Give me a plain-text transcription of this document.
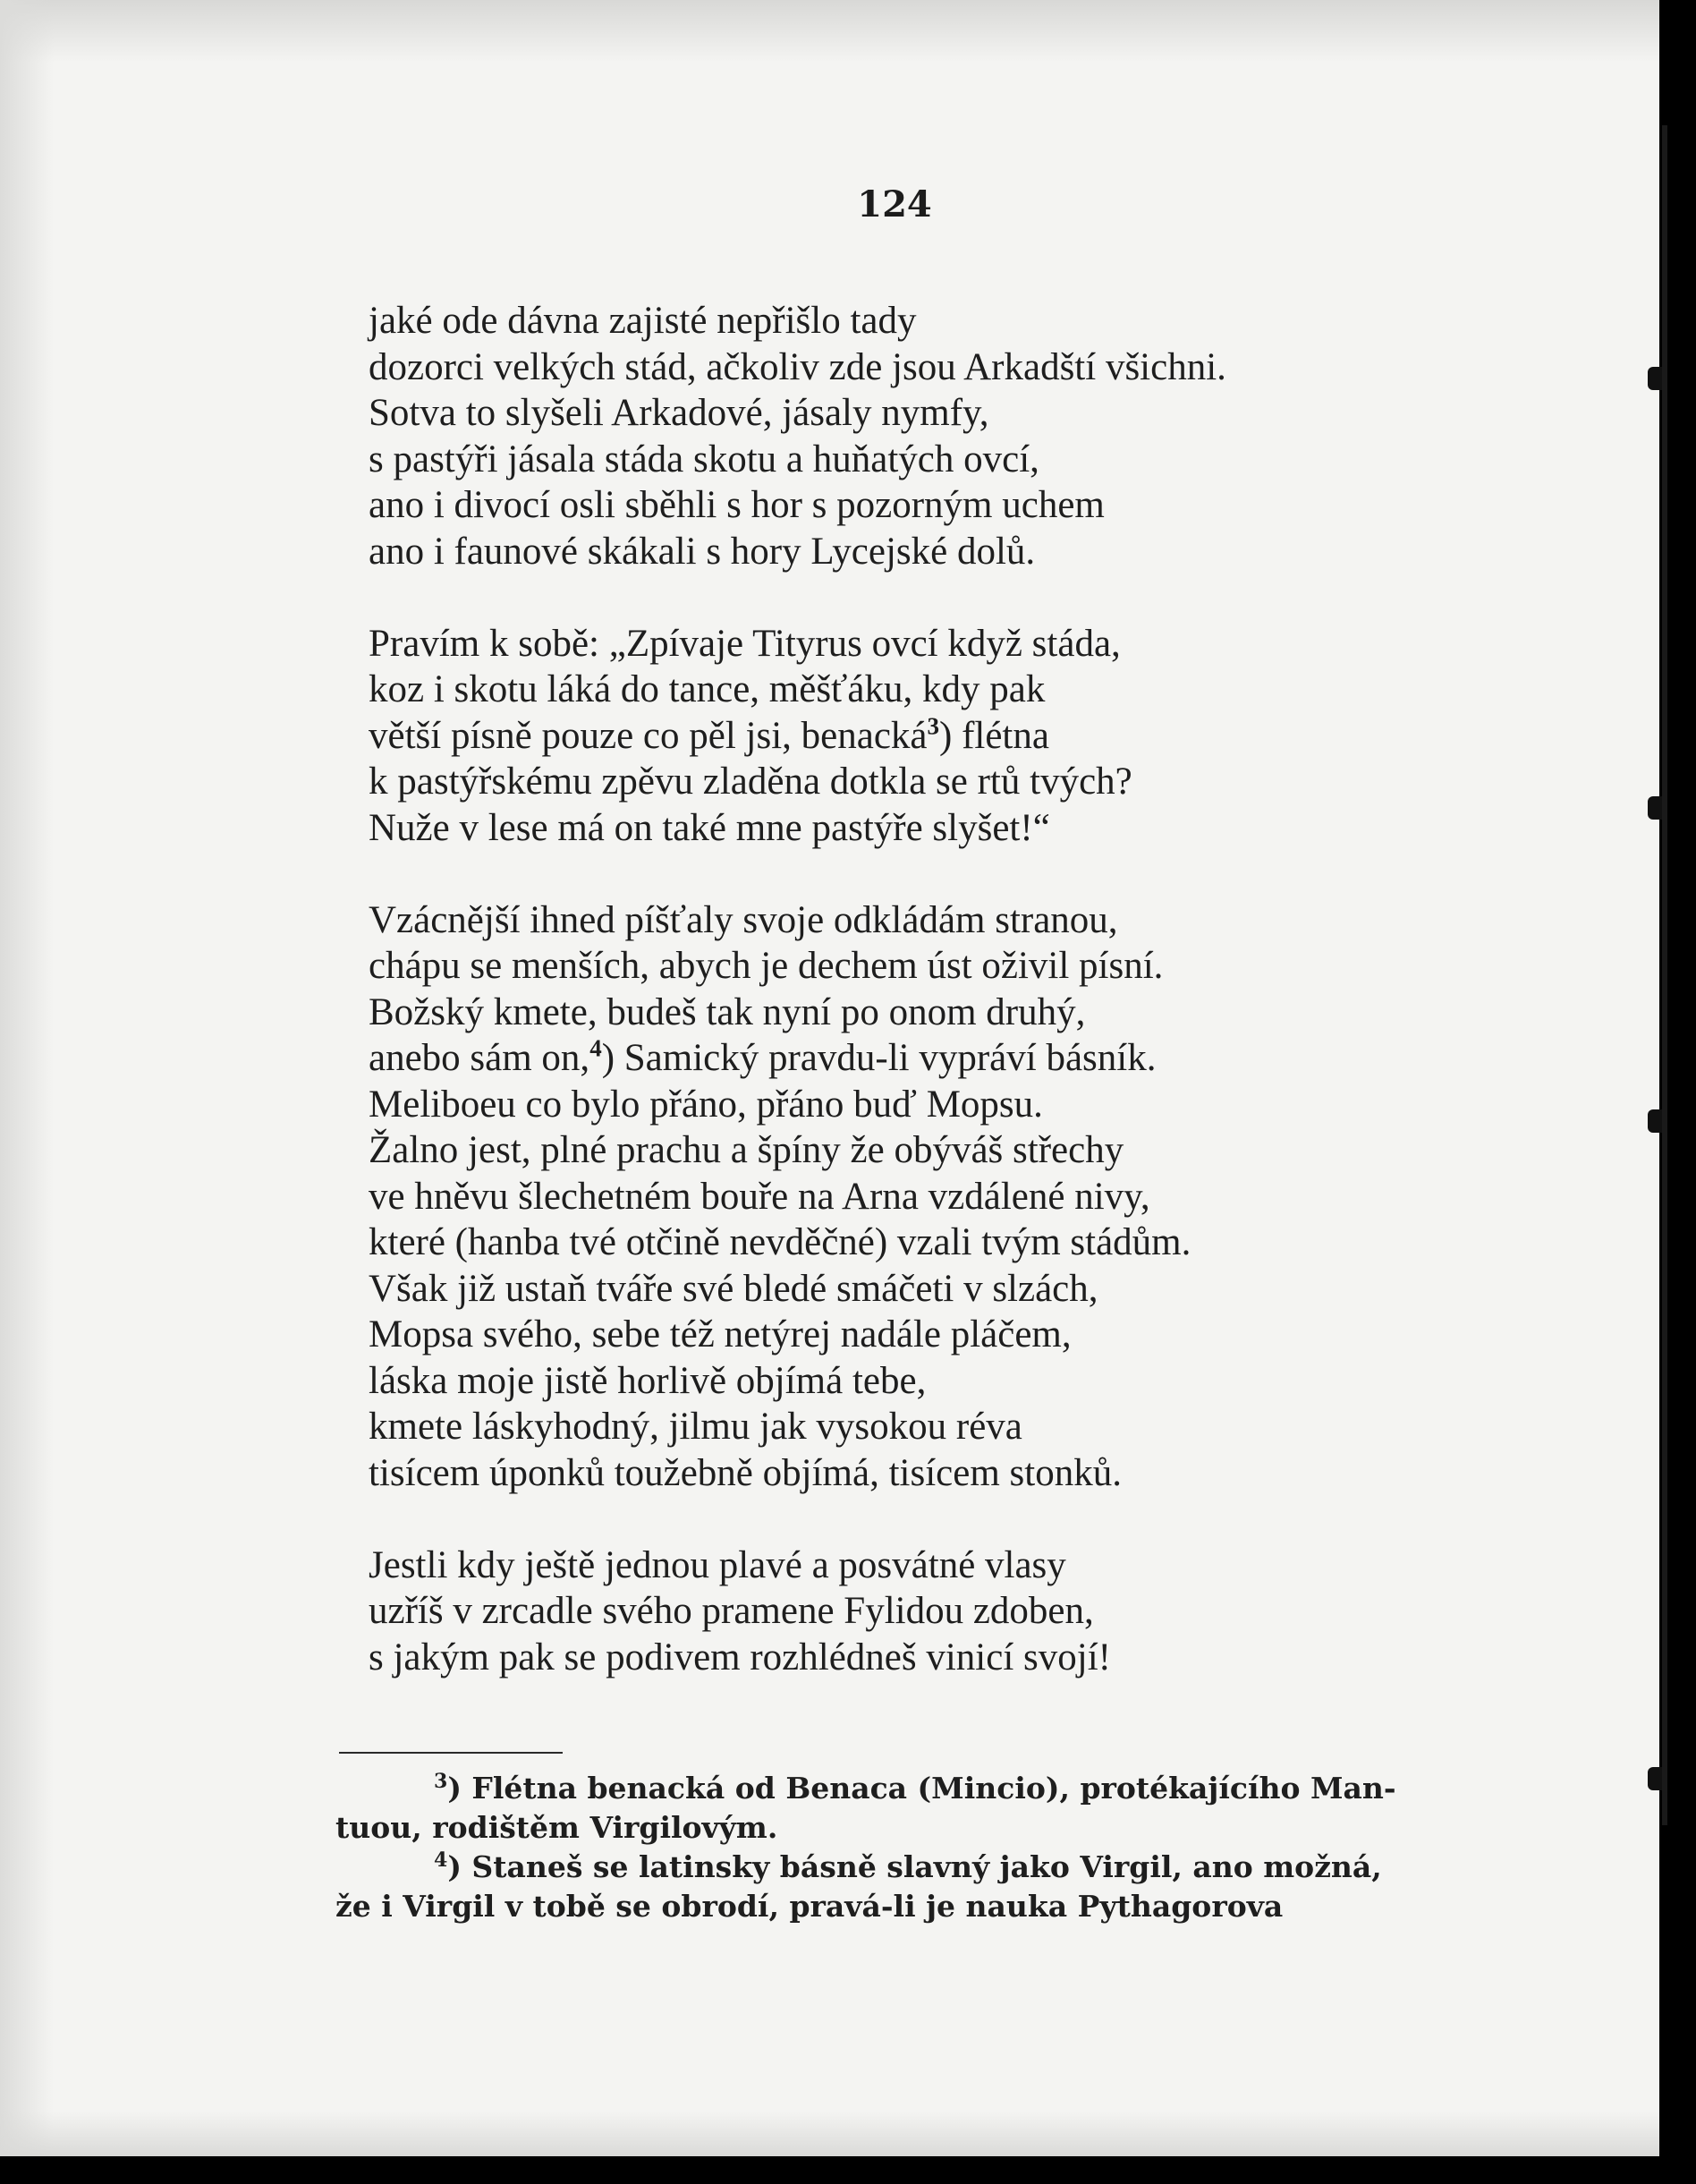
124
jaké ode dávna zajisté nepřišlo tady
dozorci velkých stád, ačkoliv zde jsou Arkadští všichni.
Sotva to slyšeli Arkadové, jásaly nymfy,
s pastýři jásala stáda skotu a huňatých ovcí,
ano i divocí osli sběhli s hor s pozorným uchem
ano i faunové skákali s hory Lycejské dolů.
Pravím k sobě: „Zpívaje Tityrus ovcí když stáda,
koz i skotu láká do tance, měšťáku, kdy pak
větší písně pouze co pěl jsi, benacká$^3$) flétna
k pastýřskému zpěvu zladěna dotkla se rtů tvých?
Nuže v lese má on také mne pastýře slyšet!“
Vzácnější ihned píšťaly svoje odkládám stranou,
chápu se menších, abych je dechem úst oživil písní.
Božský kmete, budeš tak nyní po onom druhý,
anebo sám on,$^4$) Samický pravdu-li vypráví básník.
Meliboeu co bylo přáno, přáno buď Mopsu.
Žalno jest, plné prachu a špíny že obýváš střechy
ve hněvu šlechetném bouře na Arna vzdálené nivy,
které (hanba tvé otčině nevděčné) vzali tvým stádům.
Však již ustaň tváře své bledé smáčeti v slzách,
Mopsa svého, sebe též netýrej nadále pláčem,
láska moje jistě horlivě objímá tebe,
kmete láskyhodný, jilmu jak vysokou réva
tisícem úponků toužebně objímá, tisícem stonků.
Jestli kdy ještě jednou plavé a posvátné vlasy
uzříš v zrcadle svého pramene Fylidou zdoben,
s jakým pak se podivem rozhlédneš vinicí svojí!
$^3$) Flétna benacká od Benaca (Mincio), protékajícího Man-
tuou, rodištěm Virgilovým.
$^4$) Staneš se latinsky básně slavný jako Virgil, ano možná,
že i Virgil v tobě se obrodí, pravá-li je nauka Pythagorova
